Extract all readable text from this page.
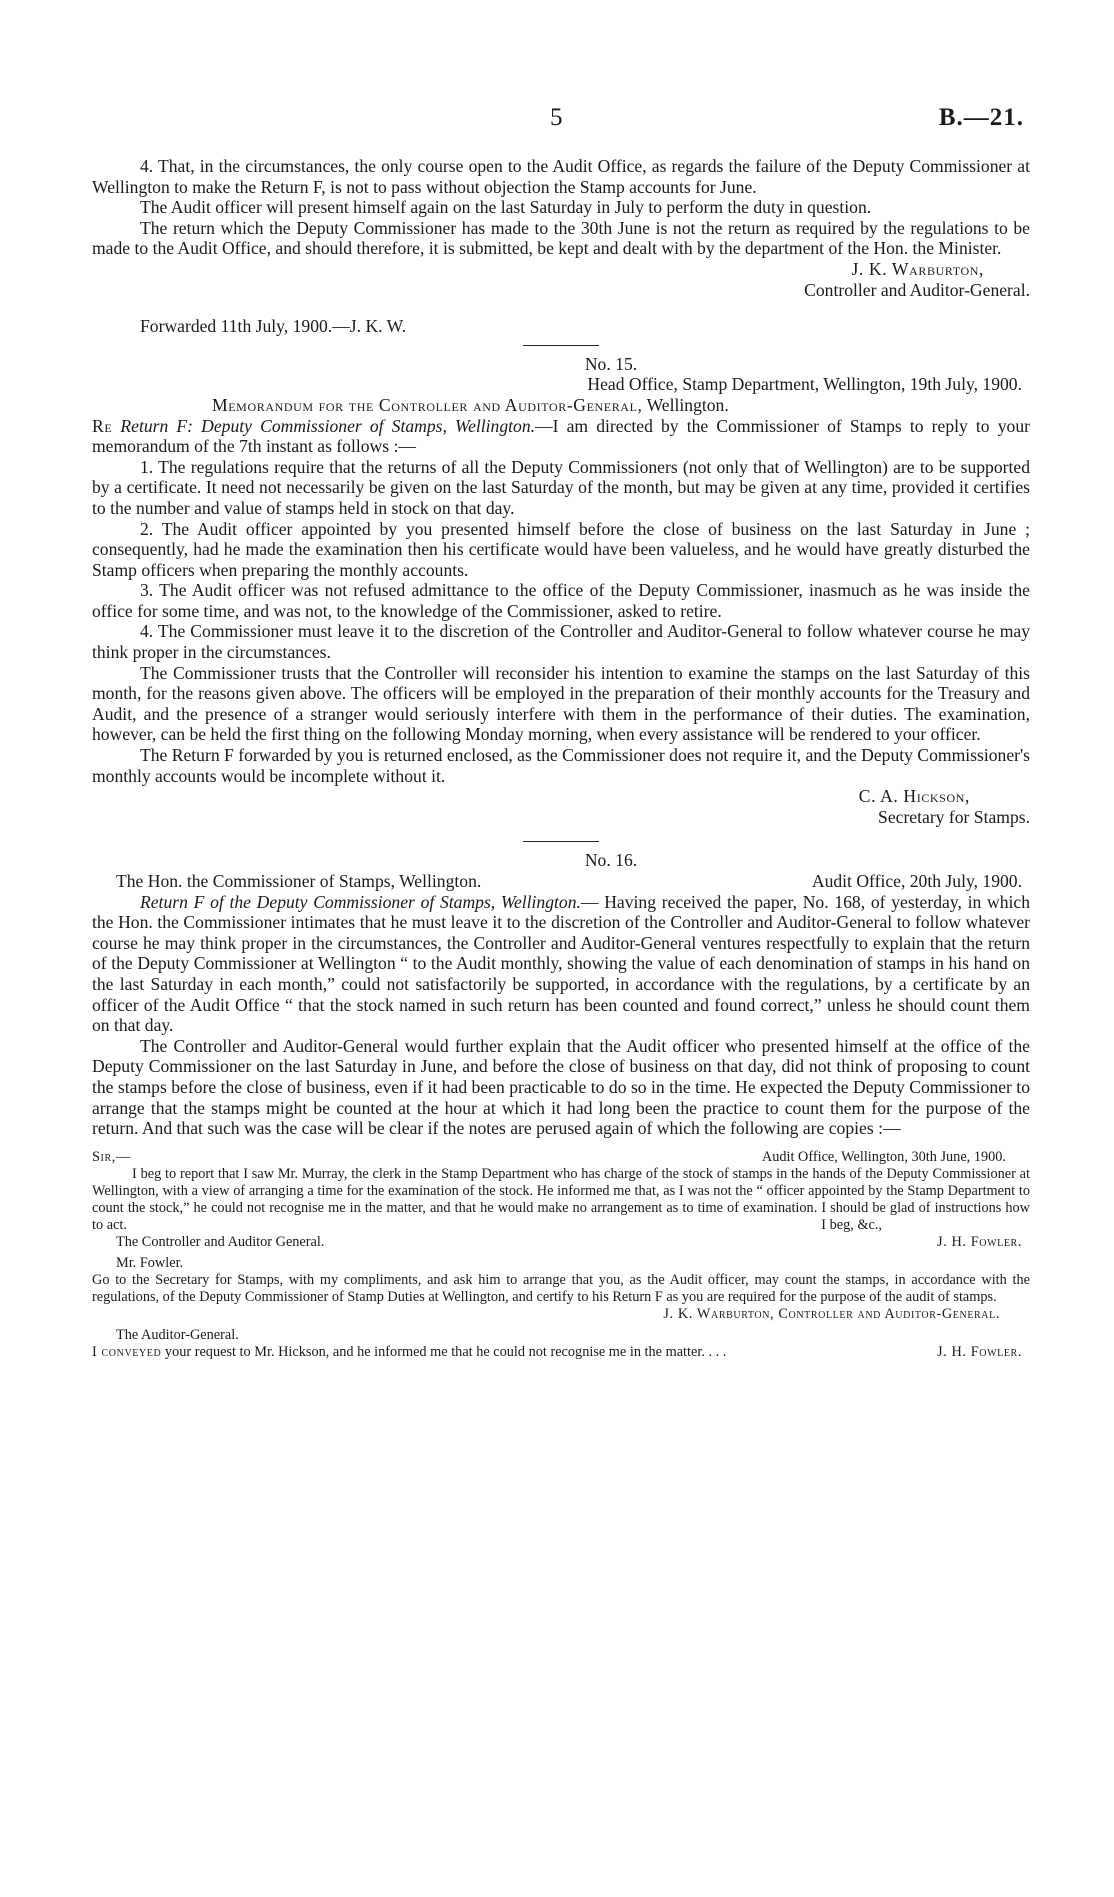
5	B.—21.

4. That, in the circumstances, the only course open to the Audit Office, as regards the failure of the Deputy Commissioner at Wellington to make the Return F, is not to pass without objection the Stamp accounts for June.

The Audit officer will present himself again on the last Saturday in July to perform the duty in question.

The return which the Deputy Commissioner has made to the 30th June is not the return as required by the regulations to be made to the Audit Office, and should therefore, it is submitted, be kept and dealt with by the department of the Hon. the Minister.

J. K. Warburton,

Controller and Auditor-General.

Forwarded 11th July, 1900.—J. K. W.

No. 15.

Head Office, Stamp Department, Wellington, 19th July, 1900.

Memorandum for the Controller and Auditor-General, Wellington.

Re Return F: Deputy Commissioner of Stamps, Wellington.—I am directed by the Commissioner of Stamps to reply to your memorandum of the 7th instant as follows :—

1. The regulations require that the returns of all the Deputy Commissioners (not only that of Wellington) are to be supported by a certificate. It need not necessarily be given on the last Saturday of the month, but may be given at any time, provided it certifies to the number and value of stamps held in stock on that day.

2. The Audit officer appointed by you presented himself before the close of business on the last Saturday in June ; consequently, had he made the examination then his certificate would have been valueless, and he would have greatly disturbed the Stamp officers when preparing the monthly accounts.

3. The Audit officer was not refused admittance to the office of the Deputy Commissioner, inasmuch as he was inside the office for some time, and was not, to the knowledge of the Commissioner, asked to retire.

4. The Commissioner must leave it to the discretion of the Controller and Auditor-General to follow whatever course he may think proper in the circumstances.

The Commissioner trusts that the Controller will reconsider his intention to examine the stamps on the last Saturday of this month, for the reasons given above. The officers will be employed in the preparation of their monthly accounts for the Treasury and Audit, and the presence of a stranger would seriously interfere with them in the performance of their duties. The examination, however, can be held the first thing on the following Monday morning, when every assistance will be rendered to your officer.

The Return F forwarded by you is returned enclosed, as the Commissioner does not require it, and the Deputy Commissioner's monthly accounts would be incomplete without it.

C. A. Hickson,

Secretary for Stamps.

No. 16.

The Hon. the Commissioner of Stamps, Wellington.	Audit Office, 20th July, 1900.

Return F of the Deputy Commissioner of Stamps, Wellington.— Having received the paper, No. 168, of yesterday, in which the Hon. the Commissioner intimates that he must leave it to the discretion of the Controller and Auditor-General to follow whatever course he may think proper in the circumstances, the Controller and Auditor-General ventures respectfully to explain that the return of the Deputy Commissioner at Wellington “ to the Audit monthly, showing the value of each denomination of stamps in his hand on the last Saturday in each month,” could not satisfactorily be supported, in accordance with the regulations, by a certificate by an officer of the Audit Office “ that the stock named in such return has been counted and found correct,” unless he should count them on that day.

The Controller and Auditor-General would further explain that the Audit officer who presented himself at the office of the Deputy Commissioner on the last Saturday in June, and before the close of business on that day, did not think of proposing to count the stamps before the close of business, even if it had been practicable to do so in the time. He expected the Deputy Commissioner to arrange that the stamps might be counted at the hour at which it had long been the practice to count them for the purpose of the return. And that such was the case will be clear if the notes are perused again of which the following are copies :—

Sir,—	Audit Office, Wellington, 30th June, 1900.

I beg to report that I saw Mr. Murray, the clerk in the Stamp Department who has charge of the stock of stamps in the hands of the Deputy Commissioner at Wellington, with a view of arranging a time for the examination of the stock. He informed me that, as I was not the “ officer appointed by the Stamp Department to count the stock,” he could not recognise me in the matter, and that he would make no arrangement as to time of examination. I should be glad of instructions how to act.

The Controller and Auditor General.
I beg, &c.,
J. H. Fowler.

Mr. Fowler.

Go to the Secretary for Stamps, with my compliments, and ask him to arrange that you, as the Audit officer, may count the stamps, in accordance with the regulations, of the Deputy Commissioner of Stamp Duties at Wellington, and certify to his Return F as you are required for the purpose of the audit of stamps.

J. K. Warburton, Controller and Auditor-General.

The Auditor-General.

I conveyed your request to Mr. Hickson, and he informed me that he could not recognise me in the matter. . . .	J. H. Fowler.
